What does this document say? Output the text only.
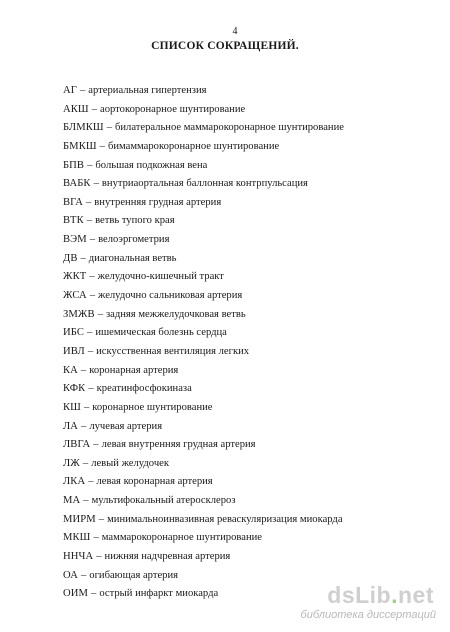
4
СПИСОК СОКРАЩЕНИЙ.
АГ – артериальная гипертензия
АКШ – аортокоронарное шунтирование
БЛМКШ – билатеральное маммарокоронарное шунтирование
БМКШ – бимаммарокоронарное шунтирование
БПВ – большая подкожная вена
ВАБК – внутриаортальная баллонная контрпульсация
ВГА – внутренняя грудная артерия
ВТК – ветвь тупого края
ВЭМ – велоэргометрия
ДВ – диагональная ветвь
ЖКТ – желудочно-кишечный тракт
ЖСА – желудочно сальниковая артерия
ЗМЖВ – задняя межжелудочковая ветвь
ИБС – ишемическая болезнь сердца
ИВЛ – искусственная вентиляция легких
КА – коронарная артерия
КФК – креатинфосфокиназа
КШ – коронарное шунтирование
ЛА – лучевая артерия
ЛВГА – левая внутренняя грудная артерия
ЛЖ – левый желудочек
ЛКА – левая коронарная артерия
МА – мультифокальный атеросклероз
МИРМ – минимальноинвазивная реваскуляризация миокарда
МКШ – маммарокоронарное шунтирование
ННЧА – нижняя надчревная артерия
ОА – огибающая артерия
ОИМ – острый инфаркт миокарда	dsLib.net
библиотека диссертаций
